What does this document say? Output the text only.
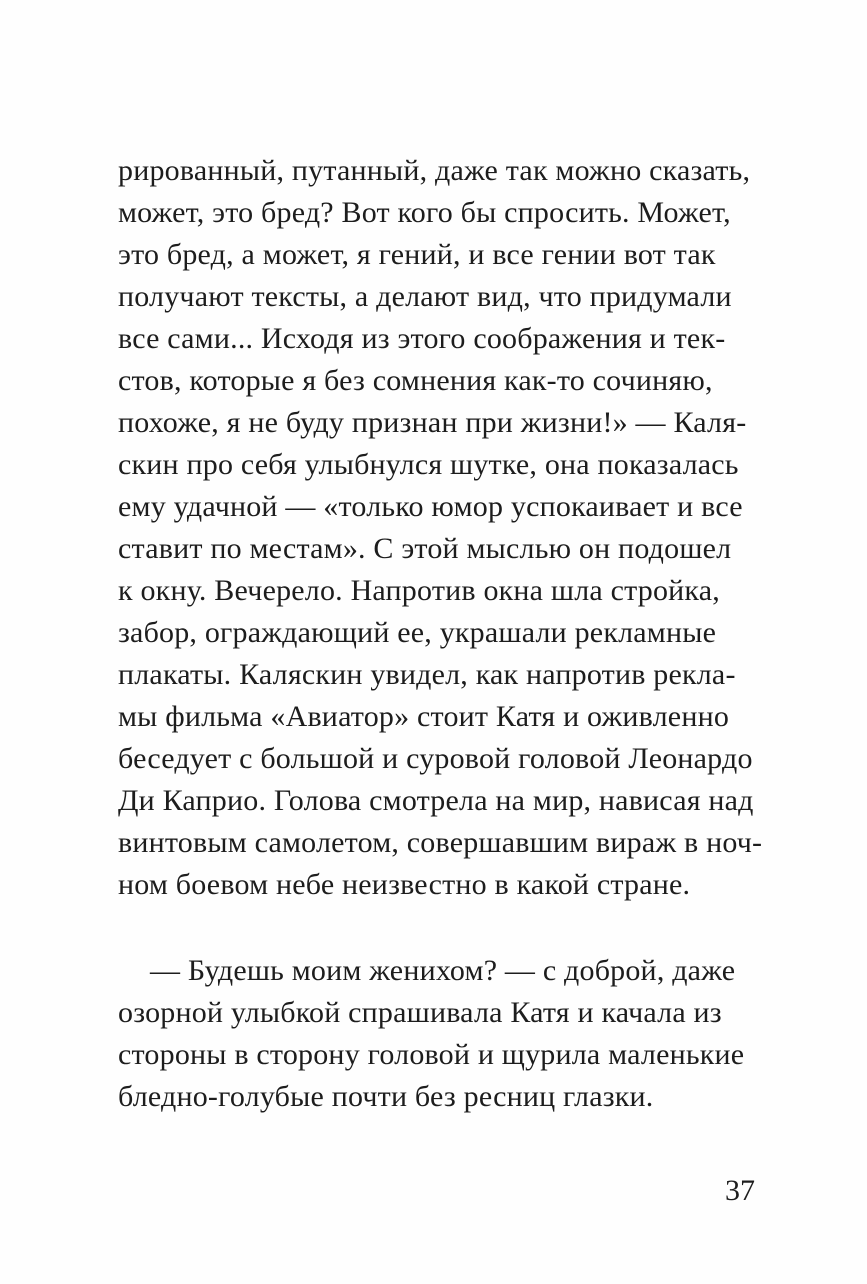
рированный, путанный, даже так можно сказать,
может, это бред? Вот кого бы спросить. Может,
это бред, а может, я гений, и все гении вот так
получают тексты, а делают вид, что придумали
все сами... Исходя из этого соображения и тек-
стов, которые я без сомнения как-то сочиняю,
похоже, я не буду признан при жизни!» — Каля-
скин про себя улыбнулся шутке, она показалась
ему удачной — «только юмор успокаивает и все
ставит по местам». С этой мыслью он подошел
к окну. Вечерело. Напротив окна шла стройка,
забор, ограждающий ее, украшали рекламные
плакаты. Каляскин увидел, как напротив рекла-
мы фильма «Авиатор» стоит Катя и оживленно
беседует с большой и суровой головой Леонардо
Ди Каприо. Голова смотрела на мир, нависая над
винтовым самолетом, совершавшим вираж в ноч-
ном боевом небе неизвестно в какой стране.
— Будешь моим женихом? — с доброй, даже
озорной улыбкой спрашивала Катя и качала из
стороны в сторону головой и щурила маленькие
бледно-голубые почти без ресниц глазки.
37
